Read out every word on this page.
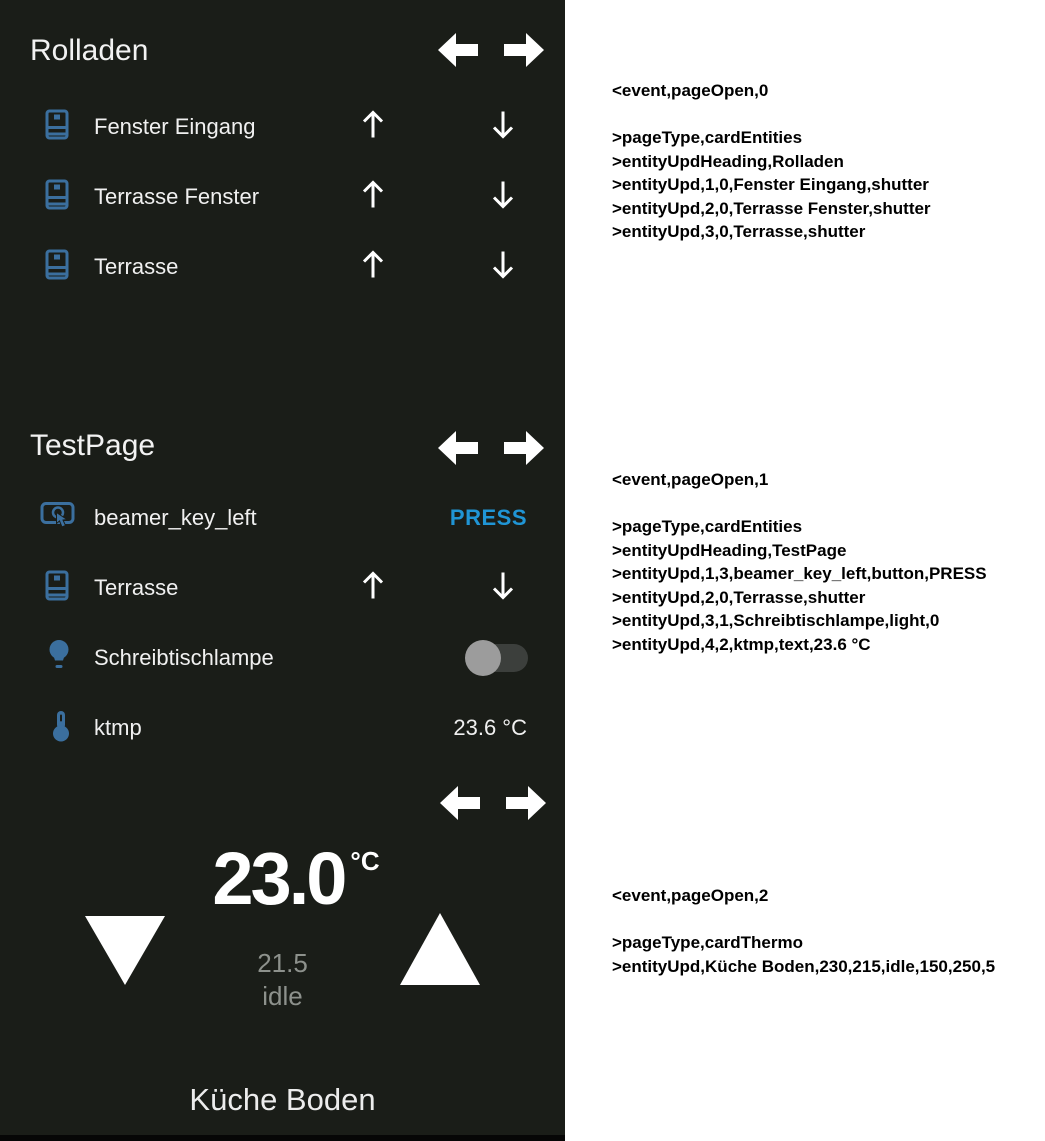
Rolladen
Fenster Eingang
Terrasse Fenster
Terrasse
TestPage
beamer_key_left	PRESS
Terrasse
Schreibtischlampe
ktmp	23.6 °C
23.0 °C
21.5
idle
Küche Boden
<event,pageOpen,0

>pageType,cardEntities
>entityUpdHeading,Rolladen
>entityUpd,1,0,Fenster Eingang,shutter
>entityUpd,2,0,Terrasse Fenster,shutter
>entityUpd,3,0,Terrasse,shutter
<event,pageOpen,1

>pageType,cardEntities
>entityUpdHeading,TestPage
>entityUpd,1,3,beamer_key_left,button,PRESS
>entityUpd,2,0,Terrasse,shutter
>entityUpd,3,1,Schreibtischlampe,light,0
>entityUpd,4,2,ktmp,text,23.6 °C
<event,pageOpen,2

>pageType,cardThermo
>entityUpd,Küche Boden,230,215,idle,150,250,5
